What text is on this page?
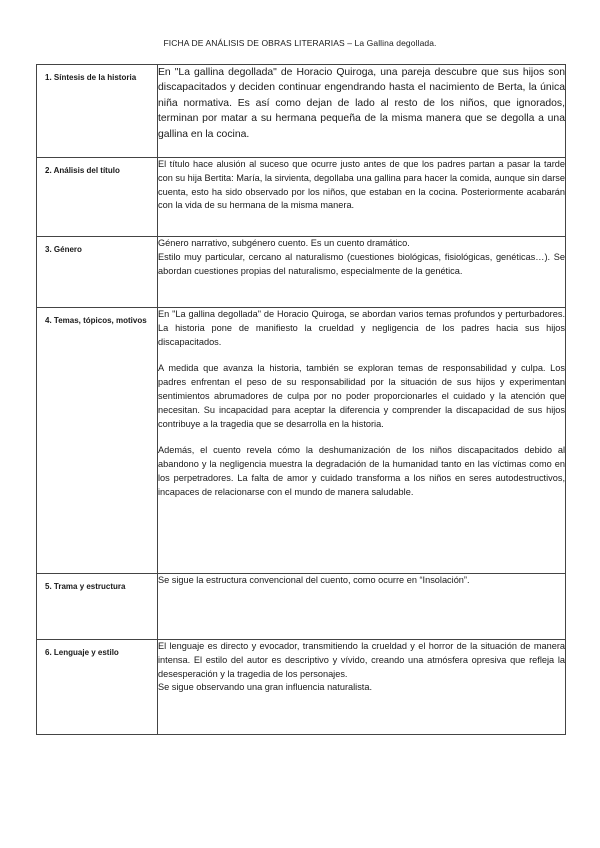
FICHA DE ANÁLISIS DE OBRAS LITERARIAS – La Gallina degollada.
1. Síntesis de la historia	En "La gallina degollada" de Horacio Quiroga, una pareja descubre que sus hijos son discapacitados y deciden continuar engendrando hasta el nacimiento de Berta, la única niña normativa. Es así como dejan de lado al resto de los niños, que ignorados, terminan por matar a su hermana pequeña de la misma manera que se degolla a una gallina en la cocina.

2. Análisis del título	El título hace alusión al suceso que ocurre justo antes de que los padres partan a pasar la tarde con su hija Bertita: María, la sirvienta, degollaba una gallina para hacer la comida, aunque sin darse cuenta, esto ha sido observado por los niños, que estaban en la cocina. Posteriormente acabarán con la vida de su hermana de la misma manera.

3. Género	Género narrativo, subgénero cuento. Es un cuento dramático.

Estilo muy particular, cercano al naturalismo (cuestiones biológicas, fisiológicas, genéticas…). Se abordan cuestiones propias del naturalismo, especialmente de la genética.

4. Temas, tópicos, motivos	En "La gallina degollada" de Horacio Quiroga, se abordan varios temas profundos y perturbadores. La historia pone de manifiesto la crueldad y negligencia de los padres hacia sus hijos discapacitados.

A medida que avanza la historia, también se exploran temas de responsabilidad y culpa. Los padres enfrentan el peso de su responsabilidad por la situación de sus hijos y experimentan sentimientos abrumadores de culpa por no poder proporcionarles el cuidado y la atención que necesitan. Su incapacidad para aceptar la diferencia y comprender la discapacidad de sus hijos contribuye a la tragedia que se desarrolla en la historia.

Además, el cuento revela cómo la deshumanización de los niños discapacitados debido al abandono y la negligencia muestra la degradación de la humanidad tanto en las víctimas como en los perpetradores. La falta de amor y cuidado transforma a los niños en seres autodestructivos, incapaces de relacionarse con el mundo de manera saludable.

5. Trama y estructura	Se sigue la estructura convencional del cuento, como ocurre en “Insolación”.

6. Lenguaje y estilo	El lenguaje es directo y evocador, transmitiendo la crueldad y el horror de la situación de manera intensa. El estilo del autor es descriptivo y vívido, creando una atmósfera opresiva que refleja la desesperación y la tragedia de los personajes.

Se sigue observando una gran influencia naturalista.
